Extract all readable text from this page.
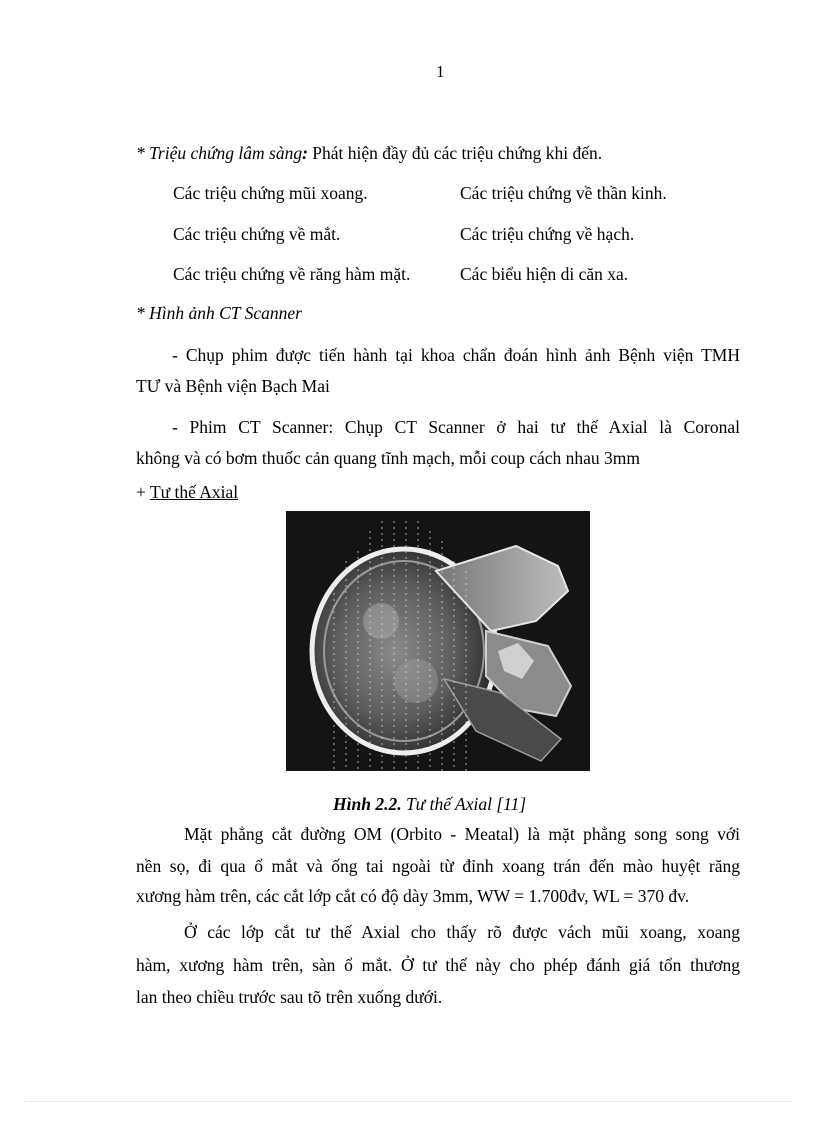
1
* Triệu chứng lâm sàng: Phát hiện đầy đủ các triệu chứng khi đến.
Các triệu chứng mũi xoang.	Các triệu chứng về thần kinh.
Các triệu chứng về mắt.	Các triệu chứng về hạch.
Các triệu chứng về răng hàm mặt.	Các biểu hiện di căn xa.
* Hình ảnh CT Scanner
- Chụp phim được tiến hành tại khoa chẩn đoán hình ảnh Bệnh viện TMH
TƯ và Bệnh viện Bạch Mai
- Phim CT Scanner: Chụp CT Scanner ở hai tư thế Axial là Coronal
không và có bơm thuốc cản quang tĩnh mạch, mỗi coup cách nhau 3mm
+ Tư thế Axial
Hình 2.2. Tư thế Axial [11]
Mặt phẳng cắt đường OM (Orbito - Meatal) là mặt phẳng song song với
nền sọ, đi qua ổ mắt và ống tai ngoài từ đỉnh xoang trán đến mào huyệt răng
xương hàm trên, các cắt lớp cắt có độ dày 3mm, WW = 1.700đv, WL = 370 đv.
Ở các lớp cắt tư thế Axial cho thấy rõ được vách mũi xoang, xoang
hàm, xương hàm trên, sàn ổ mắt. Ở tư thế này cho phép đánh giá tổn thương
lan theo chiều trước sau tõ trên xuống dưới.
